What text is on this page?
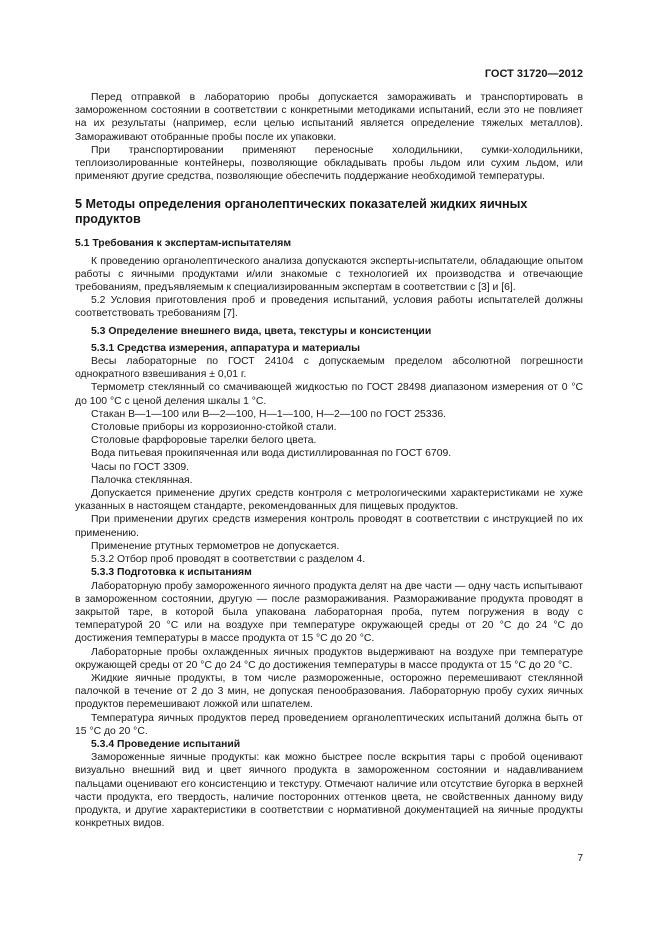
ГОСТ 31720—2012

Перед отправкой в лабораторию пробы допускается замораживать и транспортировать в замороженном состоянии в соответствии с конкретными методиками испытаний, если это не повлияет на их результаты (например, если целью испытаний является определение тяжелых металлов). Замораживают отобранные пробы после их упаковки.

При транспортировании применяют переносные холодильники, сумки-холодильники, теплоизолированные контейнеры, позволяющие обкладывать пробы льдом или сухим льдом, или применяют другие средства, позволяющие обеспечить поддержание необходимой температуры.

5 Методы определения органолептических показателей жидких яичных продуктов
5.1 Требования к экспертам-испытателям

К проведению органолептического анализа допускаются эксперты-испытатели, обладающие опытом работы с яичными продуктами и/или знакомые с технологией их производства и отвечающие требованиям, предъявляемым к специализированным экспертам в соответствии с [3] и [6].

5.2 Условия приготовления проб и проведения испытаний, условия работы испытателей должны соответствовать требованиям [7].

5.3 Определение внешнего вида, цвета, текстуры и консистенции
5.3.1 Средства измерения, аппаратура и материалы

Весы лабораторные по ГОСТ 24104 с допускаемым пределом абсолютной погрешности однократного взвешивания ± 0,01 г.

Термометр стеклянный со смачивающей жидкостью по ГОСТ 28498 диапазоном измерения от 0 °С до 100 °С с ценой деления шкалы 1 °С.

Стакан В—1—100 или В—2—100, Н—1—100, Н—2—100 по ГОСТ 25336.

Столовые приборы из коррозионно-стойкой стали.

Столовые фарфоровые тарелки белого цвета.

Вода питьевая прокипяченная или вода дистиллированная по ГОСТ 6709.

Часы по ГОСТ 3309.

Палочка стеклянная.

Допускается применение других средств контроля с метрологическими характеристиками не хуже указанных в настоящем стандарте, рекомендованных для пищевых продуктов.

При применении других средств измерения контроль проводят в соответствии с инструкцией по их применению.

Применение ртутных термометров не допускается.

5.3.2 Отбор проб проводят в соответствии с разделом 4.

5.3.3 Подготовка к испытаниям

Лабораторную пробу замороженного яичного продукта делят на две части — одну часть испытывают в замороженном состоянии, другую — после размораживания. Размораживание продукта проводят в закрытой таре, в которой была упакована лабораторная проба, путем погружения в воду с температурой 20 °С или на воздухе при температуре окружающей среды от 20 °С до 24 °С до достижения температуры в массе продукта от 15 °С до 20 °С.

Лабораторные пробы охлажденных яичных продуктов выдерживают на воздухе при температуре окружающей среды от 20 °С до 24 °С до достижения температуры в массе продукта от 15 °С до 20 °С.

Жидкие яичные продукты, в том числе размороженные, осторожно перемешивают стеклянной палочкой в течение от 2 до 3 мин, не допуская пенообразования. Лабораторную пробу сухих яичных продуктов перемешивают ложкой или шпателем.

Температура яичных продуктов перед проведением органолептических испытаний должна быть от 15 °С до 20 °С.

5.3.4 Проведение испытаний

Замороженные яичные продукты: как можно быстрее после вскрытия тары с пробой оценивают визуально внешний вид и цвет яичного продукта в замороженном состоянии и надавливанием пальцами оценивают его консистенцию и текстуру. Отмечают наличие или отсутствие бугорка в верхней части продукта, его твердость, наличие посторонних оттенков цвета, не свойственных данному виду продукта, и другие характеристики в соответствии с нормативной документацией на яичные продукты конкретных видов.

7
